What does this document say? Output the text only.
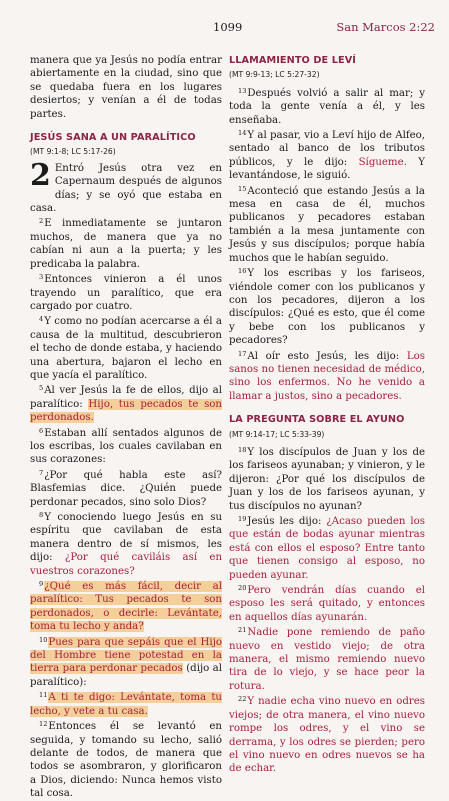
1099	San Marcos 2:22

manera que ya Jesús no podía entrar abiertamente en la ciudad, sino que se quedaba fuera en los lugares desiertos; y venían a él de todas partes.

JESÚS SANA A UN PARALÍTICO
(MT 9:1-8; LC 5:17-26)

2 Entró Jesús otra vez en Capernaum después de algunos días; y se oyó que estaba en casa.

$^2$E inmediatamente se juntaron muchos, de manera que ya no cabían ni aun a la puerta; y les predicaba la palabra.

$^3$Entonces vinieron a él unos trayendo un paralítico, que era cargado por cuatro.

$^4$Y como no podían acercarse a él a causa de la multitud, descubrieron el techo de donde estaba, y haciendo una abertura, bajaron el lecho en que yacía el paralítico.

$^5$Al ver Jesús la fe de ellos, dijo al paralítico: Hijo, tus pecados te son perdonados.

$^6$Estaban allí sentados algunos de los escribas, los cuales cavilaban en sus corazones:

$^7$¿Por qué habla este así? Blasfemias dice. ¿Quién puede perdonar pecados, sino solo Dios?

$^8$Y conociendo luego Jesús en su espíritu que cavilaban de esta manera dentro de sí mismos, les dijo: ¿Por qué caviláis así en vuestros corazones?

$^9$¿Qué es más fácil, decir al paralítico: Tus pecados te son perdonados, o decirle: Levántate, toma tu lecho y anda?

$^{10}$Pues para que sepáis que el Hijo del Hombre tiene potestad en la tierra para perdonar pecados (dijo al paralítico):

$^{11}$A ti te digo: Levántate, toma tu lecho, y vete a tu casa.

$^{12}$Entonces él se levantó en seguida, y tomando su lecho, salió delante de todos, de manera que todos se asombraron, y glorificaron a Dios, diciendo: Nunca hemos visto tal cosa.

LLAMAMIENTO DE LEVÍ
(MT 9:9-13; LC 5:27-32)

$^{13}$Después volvió a salir al mar; y toda la gente venía a él, y les enseñaba.

$^{14}$Y al pasar, vio a Leví hijo de Alfeo, sentado al banco de los tributos públicos, y le dijo: Sígueme. Y levantándose, le siguió.

$^{15}$Aconteció que estando Jesús a la mesa en casa de él, muchos publicanos y pecadores estaban también a la mesa juntamente con Jesús y sus discípulos; porque había muchos que le habían seguido.

$^{16}$Y los escribas y los fariseos, viéndole comer con los publicanos y con los pecadores, dijeron a los discípulos: ¿Qué es esto, que él come y bebe con los publicanos y pecadores?

$^{17}$Al oír esto Jesús, les dijo: Los sanos no tienen necesidad de médico, sino los enfermos. No he venido a llamar a justos, sino a pecadores.

LA PREGUNTA SOBRE EL AYUNO
(MT 9:14-17; LC 5:33-39)

$^{18}$Y los discípulos de Juan y los de los fariseos ayunaban; y vinieron, y le dijeron: ¿Por qué los discípulos de Juan y los de los fariseos ayunan, y tus discípulos no ayunan?

$^{19}$Jesús les dijo: ¿Acaso pueden los que están de bodas ayunar mientras está con ellos el esposo? Entre tanto que tienen consigo al esposo, no pueden ayunar.

$^{20}$Pero vendrán días cuando el esposo les será quitado, y entonces en aquellos días ayunarán.

$^{21}$Nadie pone remiendo de paño nuevo en vestido viejo; de otra manera, el mismo remiendo nuevo tira de lo viejo, y se hace peor la rotura.

$^{22}$Y nadie echa vino nuevo en odres viejos; de otra manera, el vino nuevo rompe los odres, y el vino se derrama, y los odres se pierden; pero el vino nuevo en odres nuevos se ha de echar.
